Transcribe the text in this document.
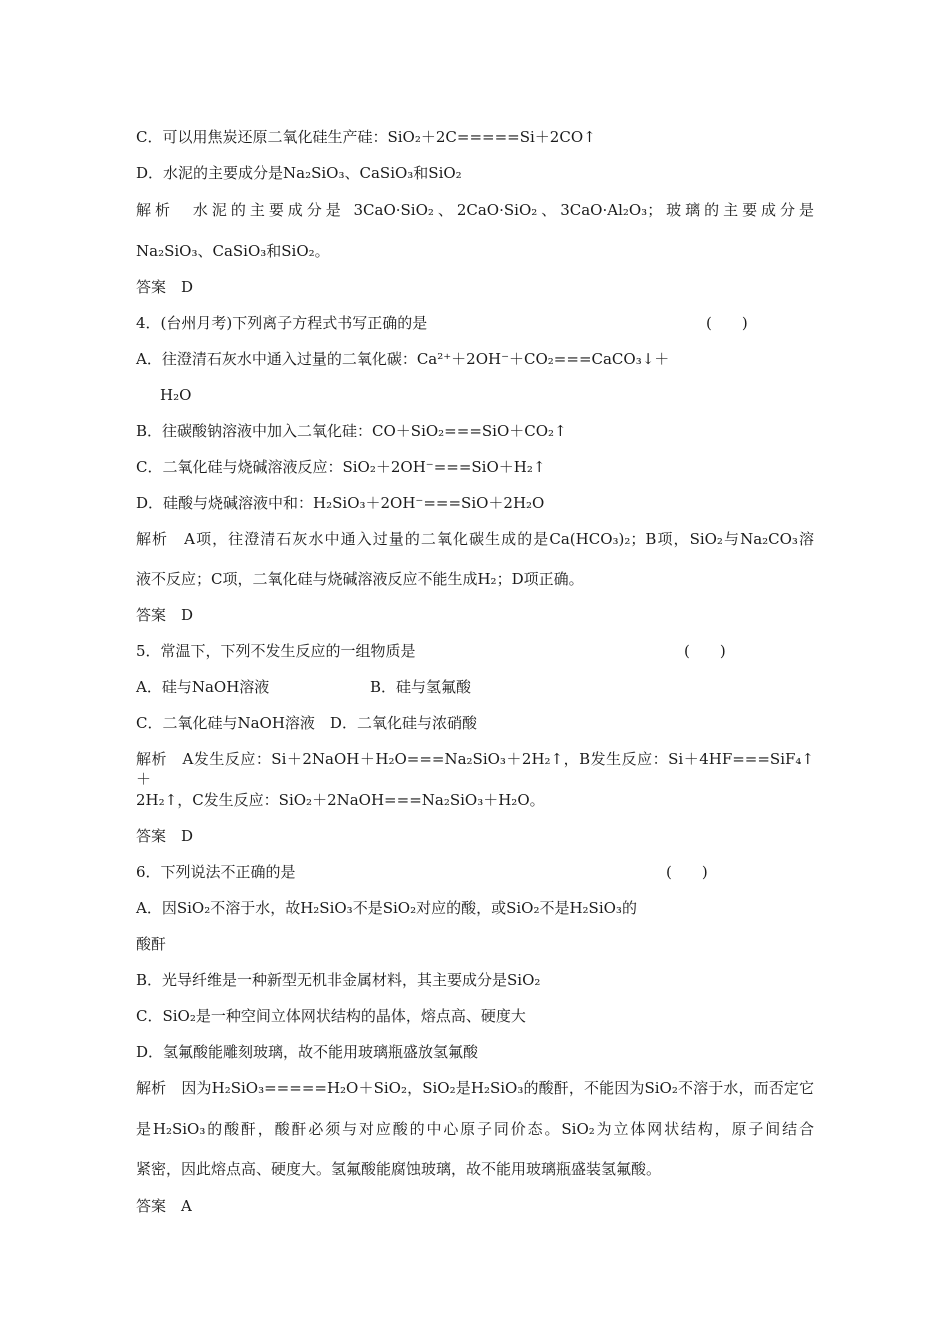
C．可以用焦炭还原二氧化硅生产硅：SiO₂＋2C=====Si＋2CO↑
D．水泥的主要成分是Na₂SiO₃、CaSiO₃和SiO₂
解析　水泥的主要成分是 3CaO·SiO₂、2CaO·SiO₂、3CaO·Al₂O₃；玻璃的主要成分是
Na₂SiO₃、CaSiO₃和SiO₂。
答案　D
4．(台州月考)下列离子方程式书写正确的是	(　　)
A．往澄清石灰水中通入过量的二氧化碳：Ca²⁺＋2OH⁻＋CO₂===CaCO₃↓＋
H₂O
B．往碳酸钠溶液中加入二氧化硅：CO＋SiO₂===SiO＋CO₂↑
C．二氧化硅与烧碱溶液反应：SiO₂＋2OH⁻===SiO＋H₂↑
D．硅酸与烧碱溶液中和：H₂SiO₃＋2OH⁻===SiO＋2H₂O
解析　A项，往澄清石灰水中通入过量的二氧化碳生成的是Ca(HCO₃)₂；B项，SiO₂与Na₂CO₃溶
液不反应；C项，二氧化硅与烧碱溶液反应不能生成H₂；D项正确。
答案　D
5．常温下，下列不发生反应的一组物质是	(　　)
A．硅与NaOH溶液	B．硅与氢氟酸
C．二氧化硅与NaOH溶液　D．二氧化硅与浓硝酸
解析　A发生反应：Si＋2NaOH＋H₂O===Na₂SiO₃＋2H₂↑，B发生反应：Si＋4HF===SiF₄↑＋
2H₂↑，C发生反应：SiO₂＋2NaOH===Na₂SiO₃＋H₂O。
答案　D
6．下列说法不正确的是	(　　)
A．因SiO₂不溶于水，故H₂SiO₃不是SiO₂对应的酸，或SiO₂不是H₂SiO₃的
酸酐
B．光导纤维是一种新型无机非金属材料，其主要成分是SiO₂
C．SiO₂是一种空间立体网状结构的晶体，熔点高、硬度大
D．氢氟酸能雕刻玻璃，故不能用玻璃瓶盛放氢氟酸
解析　因为H₂SiO₃=====H₂O＋SiO₂，SiO₂是H₂SiO₃的酸酐，不能因为SiO₂不溶于水，而否定它
是H₂SiO₃的酸酐，酸酐必须与对应酸的中心原子同价态。SiO₂为立体网状结构，原子间结合
紧密，因此熔点高、硬度大。氢氟酸能腐蚀玻璃，故不能用玻璃瓶盛装氢氟酸。
答案　A
